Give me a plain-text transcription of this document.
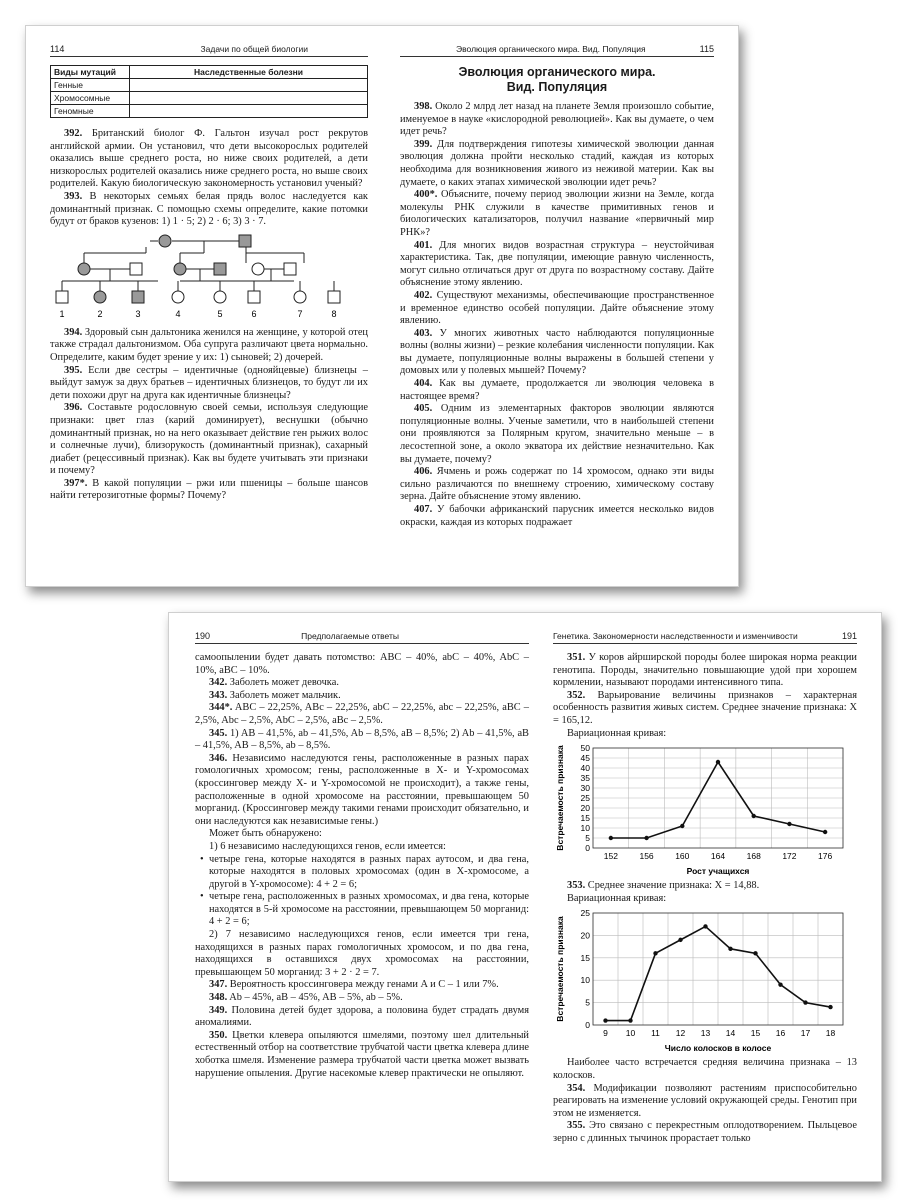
114	Задачи по общей биологии
Виды мутаций	Наследственные болезни
Генные	
Хромосомные	
Геномные	

392. Британский биолог Ф. Гальтон изучал рост рекрутов английской армии. Он установил, что дети высокорослых родителей оказались выше среднего роста, но ниже своих родителей, а дети низкорослых родителей оказались ниже среднего роста, но выше своих родителей. Какую биологическую закономерность установил ученый?

393. В некоторых семьях белая прядь волос наследуется как доминантный признак. С помощью схемы определите, какие потомки будут от браков кузенов: 1) 1 · 5; 2) 2 · 6; 3) 3 · 7.

1	2	3	4	5	6	7	8

394. Здоровый сын дальтоника женился на женщине, у которой отец также страдал дальтонизмом. Оба супруга различают цвета нормально. Определите, каким будет зрение у их: 1) сыновей; 2) дочерей.

395. Если две сестры – идентичные (однояйцевые) близнецы – выйдут замуж за двух братьев – идентичных близнецов, то будут ли их дети похожи друг на друга как идентичные близнецы?

396. Составьте родословную своей семьи, используя следующие признаки: цвет глаз (карий доминирует), веснушки (обычно доминантный признак, но на него оказывает действие ген рыжих волос и солнечные лучи), близорукость (доминантный признак), сахарный диабет (рецессивный признак). Как вы будете учитывать эти признаки и почему?

397*. В какой популяции – ржи или пшеницы – больше шансов найти гетерозиготные формы? Почему?

Эволюция органического мира. Вид. Популяция	115
Эволюция органического мира.
Вид. Популяция

398. Около 2 млрд лет назад на планете Земля произошло событие, именуемое в науке «кислородной революцией». Как вы думаете, о чем идет речь?

399. Для подтверждения гипотезы химической эволюции данная эволюция должна пройти несколько стадий, каждая из которых необходима для возникновения живого из неживой материи. Как вы думаете, о каких этапах химической эволюции идет речь?

400*. Объясните, почему период эволюции жизни на Земле, когда молекулы РНК служили в качестве примитивных генов и биологических катализаторов, получил название «первичный мир РНК»?

401. Для многих видов возрастная структура – неустойчивая характеристика. Так, две популяции, имеющие равную численность, могут сильно отличаться друг от друга по возрастному составу. Дайте объяснение этому явлению.

402. Существуют механизмы, обеспечивающие пространственное и временное единство особей популяции. Дайте объяснение этому явлению.

403. У многих животных часто наблюдаются популяционные волны (волны жизни) – резкие колебания численности популяции. Как вы думаете, популяционные волны выражены в большей степени у домовых или у полевых мышей? Почему?

404. Как вы думаете, продолжается ли эволюция человека в настоящее время?

405. Одним из элементарных факторов эволюции являются популяционные волны. Ученые заметили, что в наибольшей степени они проявляются за Полярным кругом, значительно меньше – в лесостепной зоне, а около экватора их действие незначительно. Как вы думаете, почему?

406. Ячмень и рожь содержат по 14 хромосом, однако эти виды сильно различаются по внешнему строению, химическому составу зерна. Дайте объяснение этому явлению.

407. У бабочки африканский парусник имеется несколько видов окраски, каждая из которых подражает

190	Предполагаемые ответы

самоопылении будет давать потомство: ABC – 40%, abC – 40%, AbC – 10%, aBC – 10%.

342. Заболеть может девочка.

343. Заболеть может мальчик.

344*. ABC – 22,25%, ABc – 22,25%, abC – 22,25%, abc – 22,25%, aBC – 2,5%, Abc – 2,5%, AbC – 2,5%, aBc – 2,5%.

345. 1) AB – 41,5%, ab – 41,5%, Ab – 8,5%, aB – 8,5%; 2) Ab – 41,5%, aB – 41,5%, AB – 8,5%, ab – 8,5%.

346. Независимо наследуются гены, расположенные в разных парах гомологичных хромосом; гены, расположенные в X- и Y-хромосомах (кроссинговер между X- и Y-хромосомой не происходит), а также гены, расположенные в одной хромосоме на расстоянии, превышающем 50 морганид. (Кроссинговер между такими генами происходит обязательно, и они наследуются как независимые гены.)

Может быть обнаружено:

1) 6 независимо наследующихся генов, если имеется:

• четыре гена, которые находятся в разных парах аутосом, и два гена, которые находятся в половых хромосомах (один в X-хромосоме, а другой в Y-хромосоме): 4 + 2 = 6;
• четыре гена, расположенных в разных хромосомах, и два гена, которые находятся в 5-й хромосоме на расстоянии, превышающем 50 морганид: 4 + 2 = 6;

2) 7 независимо наследующихся генов, если имеется три гена, находящихся в разных парах гомологичных хромосом, и по два гена, находящихся в оставшихся двух хромосомах на расстоянии, превышающем 50 морганид: 3 + 2 · 2 = 7.

347. Вероятность кроссинговера между генами A и C – 1 или 7%.

348. Ab – 45%, aB – 45%, AB – 5%, ab – 5%.

349. Половина детей будет здорова, а половина будет страдать двумя аномалиями.

350. Цветки клевера опыляются шмелями, поэтому шел длительный естественный отбор на соответствие трубчатой части цветка клевера длине хоботка шмеля. Изменение размера трубчатой части цветка может вызвать нарушение опыления. Другие насекомые клевер практически не опыляют.

Генетика. Закономерности наследственности и изменчивости	191

351. У коров айрширской породы более широкая норма реакции генотипа. Породы, значительно повышающие удой при хорошем кормлении, называют породами интенсивного типа.

352. Варьирование величины признаков – характерная особенность развития живых систем. Среднее значение признака: X = 165,12.

Вариационная кривая:

0
5
10
15
20
25
30
35
40
45
50
152	156	160	164	168	172	176
Рост учащихся
Встречаемость признака

353. Среднее значение признака: X = 14,88.

Вариационная кривая:

0
5
10
15
20
25
9 10 11 12 13 14 15 16 17 18
Число колосков в колосе
Встречаемость признака

Наиболее часто встречается средняя величина признака – 13 колосков.

354. Модификации позволяют растениям приспособительно реагировать на изменение условий окружающей среды. Генотип при этом не изменяется.

355. Это связано с перекрестным оплодотворением. Пыльцевое зерно с длинных тычинок прорастает только
